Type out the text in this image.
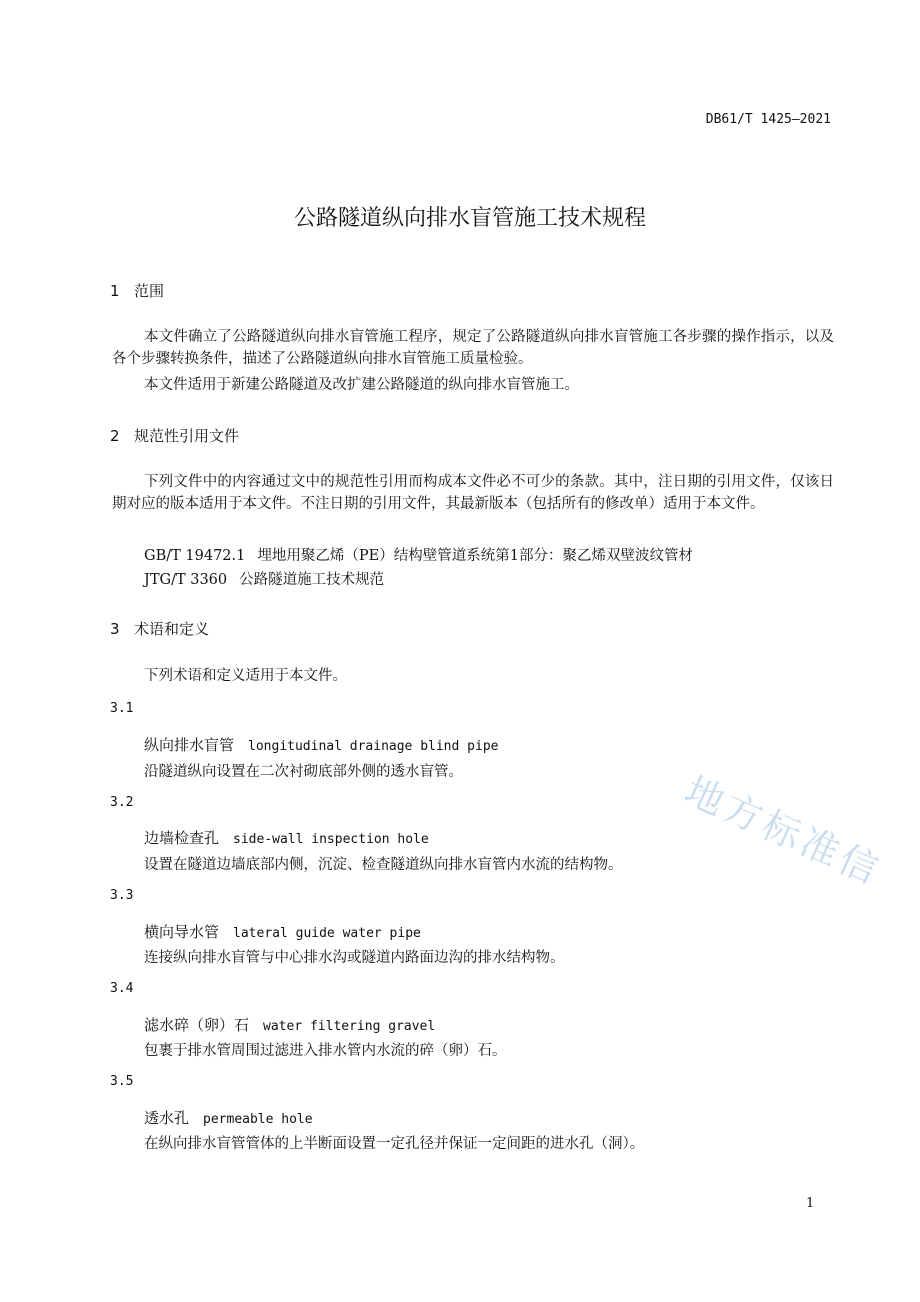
DB61/T 1425—2021
公路隧道纵向排水盲管施工技术规程
1 范围
本文件确立了公路隧道纵向排水盲管施工程序，规定了公路隧道纵向排水盲管施工各步骤的操作指示，以及各个步骤转换条件，描述了公路隧道纵向排水盲管施工质量检验。
本文件适用于新建公路隧道及改扩建公路隧道的纵向排水盲管施工。
2 规范性引用文件
下列文件中的内容通过文中的规范性引用而构成本文件必不可少的条款。其中，注日期的引用文件，仅该日期对应的版本适用于本文件。不注日期的引用文件，其最新版本（包括所有的修改单）适用于本文件。
GB/T 19472.1 埋地用聚乙烯（PE）结构壁管道系统第1部分：聚乙烯双壁波纹管材
JTG/T 3360 公路隧道施工技术规范
3 术语和定义
下列术语和定义适用于本文件。
3.1
纵向排水盲管 longitudinal drainage blind pipe
沿隧道纵向设置在二次衬砌底部外侧的透水盲管。
3.2
边墙检查孔 side-wall inspection hole
设置在隧道边墙底部内侧，沉淀、检查隧道纵向排水盲管内水流的结构物。
3.3
横向导水管 lateral guide water pipe
连接纵向排水盲管与中心排水沟或隧道内路面边沟的排水结构物。
3.4
滤水碎（卵）石 water filtering gravel
包裹于排水管周围过滤进入排水管内水流的碎（卵）石。
3.5
透水孔 permeable hole
在纵向排水盲管管体的上半断面设置一定孔径并保证一定间距的进水孔（洞）。
地方标准信
1
